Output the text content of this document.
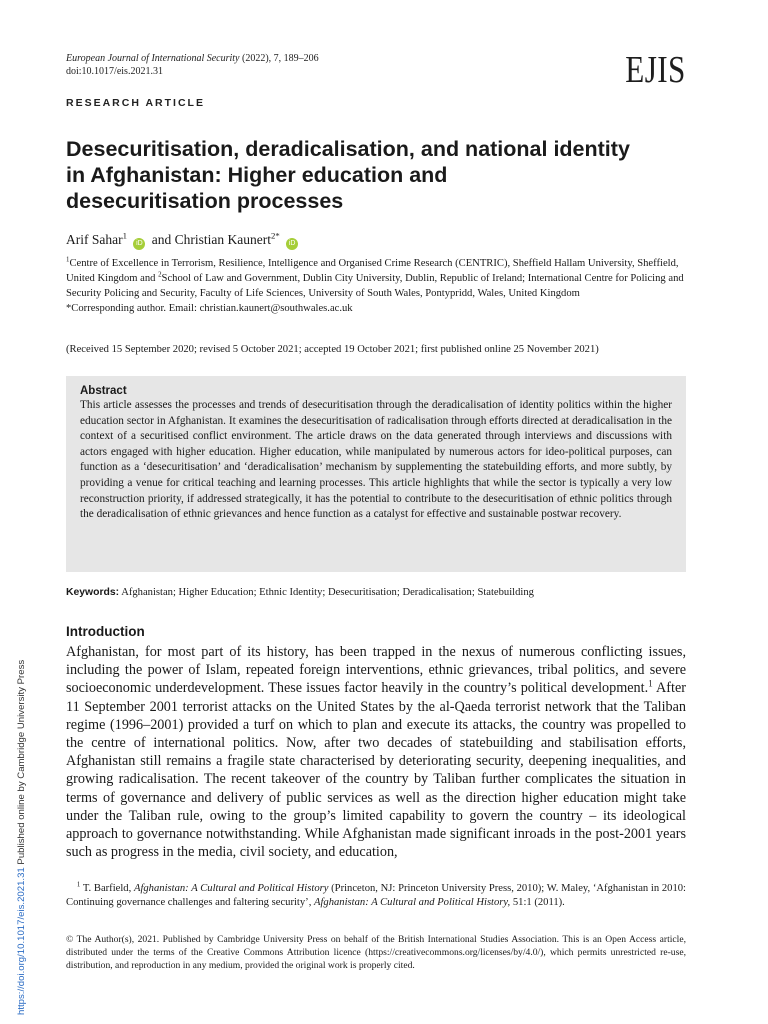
https://doi.org/10.1017/eis.2021.31 Published online by Cambridge University Press
European Journal of International Security (2022), 7, 189–206
doi:10.1017/eis.2021.31	EJIS
RESEARCH ARTICLE
Desecuritisation, deradicalisation, and national identity
in Afghanistan: Higher education and
desecuritisation processes
Arif Sahar$^1$ iD and Christian Kaunert$^{2*}$ iD
$^1$Centre of Excellence in Terrorism, Resilience, Intelligence and Organised Crime Research (CENTRIC), Sheffield Hallam University, Sheffield, United Kingdom and $^2$School of Law and Government, Dublin City University, Dublin, Republic of Ireland; International Centre for Policing and Security Policing and Security, Faculty of Life Sciences, University of South Wales, Pontypridd, Wales, United Kingdom
*Corresponding author. Email: christian.kaunert@southwales.ac.uk
(Received 15 September 2020; revised 5 October 2021; accepted 19 October 2021; first published online 25 November 2021)
Abstract
This article assesses the processes and trends of desecuritisation through the deradicalisation of identity politics within the higher education sector in Afghanistan. It examines the desecuritisation of radicalisation through efforts directed at deradicalisation in the context of a securitised conflict environment. The article draws on the data generated through interviews and discussions with actors engaged with higher education. Higher education, while manipulated by numerous actors for ideo-political purposes, can function as a ‘desecuritisation’ and ‘deradicalisation’ mechanism by supplementing the statebuilding efforts, and more subtly, by providing a venue for critical teaching and learning processes. This article highlights that while the sector is typically a very low reconstruction priority, if addressed strategically, it has the potential to contribute to the desecuritisation of ethnic politics through the deradicalisation of ethnic grievances and hence function as a catalyst for effective and sustainable postwar recovery.
Keywords: Afghanistan; Higher Education; Ethnic Identity; Desecuritisation; Deradicalisation; Statebuilding
Introduction
Afghanistan, for most part of its history, has been trapped in the nexus of numerous conflicting issues, including the power of Islam, repeated foreign interventions, ethnic grievances, tribal politics, and severe socioeconomic underdevelopment. These issues factor heavily in the country’s political development.$^1$ After 11 September 2001 terrorist attacks on the United States by the al-Qaeda terrorist network that the Taliban regime (1996–2001) provided a turf on which to plan and execute its attacks, the country was propelled to the centre of international politics. Now, after two decades of statebuilding and stabilisation efforts, Afghanistan still remains a fragile state characterised by deteriorating security, deepening inequalities, and growing radicalisation. The recent takeover of the country by Taliban further complicates the situation in terms of governance and delivery of public services as well as the direction higher education might take under the Taliban rule, owing to the group’s limited capability to govern the country – its ideological approach to governance notwithstanding. While Afghanistan made significant inroads in the post-2001 years such as progress in the media, civil society, and education,
$^1$ T. Barfield, Afghanistan: A Cultural and Political History (Princeton, NJ: Princeton University Press, 2010); W. Maley, ‘Afghanistan in 2010: Continuing governance challenges and faltering security’, Afghanistan: A Cultural and Political History, 51:1 (2011).
© The Author(s), 2021. Published by Cambridge University Press on behalf of the British International Studies Association. This is an Open Access article, distributed under the terms of the Creative Commons Attribution licence (https://creativecommons.org/licenses/by/4.0/), which permits unrestricted re-use, distribution, and reproduction in any medium, provided the original work is properly cited.
